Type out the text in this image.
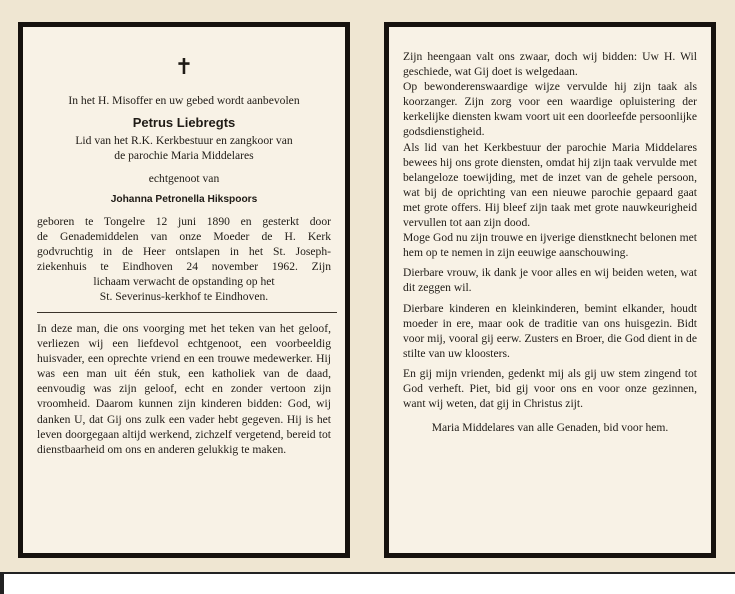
✝
In het H. Misoffer en uw gebed wordt aanbevolen
Petrus Liebregts
Lid van het R.K. Kerkbestuur en zangkoor van
de parochie Maria Middelares
echtgenoot van
Johanna Petronella Hikspoors
geboren te Tongelre 12 juni 1890 en gesterkt door
de Genademiddelen van onze Moeder de H. Kerk
godvruchtig in de Heer ontslapen in het St. Joseph-
ziekenhuis te Eindhoven 24 november 1962. Zijn
lichaam verwacht de opstanding op het
St. Severinus-kerkhof te Eindhoven.
In deze man, die ons voorging met het teken van het geloof, verliezen wij een liefdevol echtgenoot, een voorbeeldig huisvader, een oprechte vriend en een trouwe medewerker. Hij was een man uit één stuk, een katholiek van de daad, eenvoudig was zijn geloof, echt en zonder vertoon zijn vroomheid. Daarom kunnen zijn kinderen bidden: God, wij danken U, dat Gij ons zulk een vader hebt gegeven. Hij is het leven doorgegaan altijd werkend, zichzelf vergetend, bereid tot dienstbaarheid om ons en anderen gelukkig te maken.
Zijn heengaan valt ons zwaar, doch wij bidden: Uw H. Wil geschiede, wat Gij doet is welgedaan.
Op bewonderenswaardige wijze vervulde hij zijn taak als koorzanger. Zijn zorg voor een waardige opluistering der kerkelijke diensten kwam voort uit een doorleefde persoonlijke godsdienstigheid.
Als lid van het Kerkbestuur der parochie Maria Middelares bewees hij ons grote diensten, omdat hij zijn taak vervulde met belangeloze toewijding, met de inzet van de gehele persoon, wat bij de oprichting van een nieuwe parochie gepaard gaat met grote offers. Hij bleef zijn taak met grote nauwkeurigheid vervullen tot aan zijn dood.
Moge God nu zijn trouwe en ijverige dienstknecht belonen met hem op te nemen in zijn eeuwige aanschouwing.
Dierbare vrouw, ik dank je voor alles en wij beiden weten, wat dit zeggen wil.
Dierbare kinderen en kleinkinderen, bemint elkander, houdt moeder in ere, maar ook de traditie van ons huisgezin. Bidt voor mij, vooral gij eerw. Zusters en Broer, die God dient in de stilte van uw kloosters.
En gij mijn vrienden, gedenkt mij als gij uw stem zingend tot God verheft. Piet, bid gij voor ons en voor onze gezinnen, want wij weten, dat gij in Christus zijt.
Maria Middelares van alle Genaden, bid voor hem.
